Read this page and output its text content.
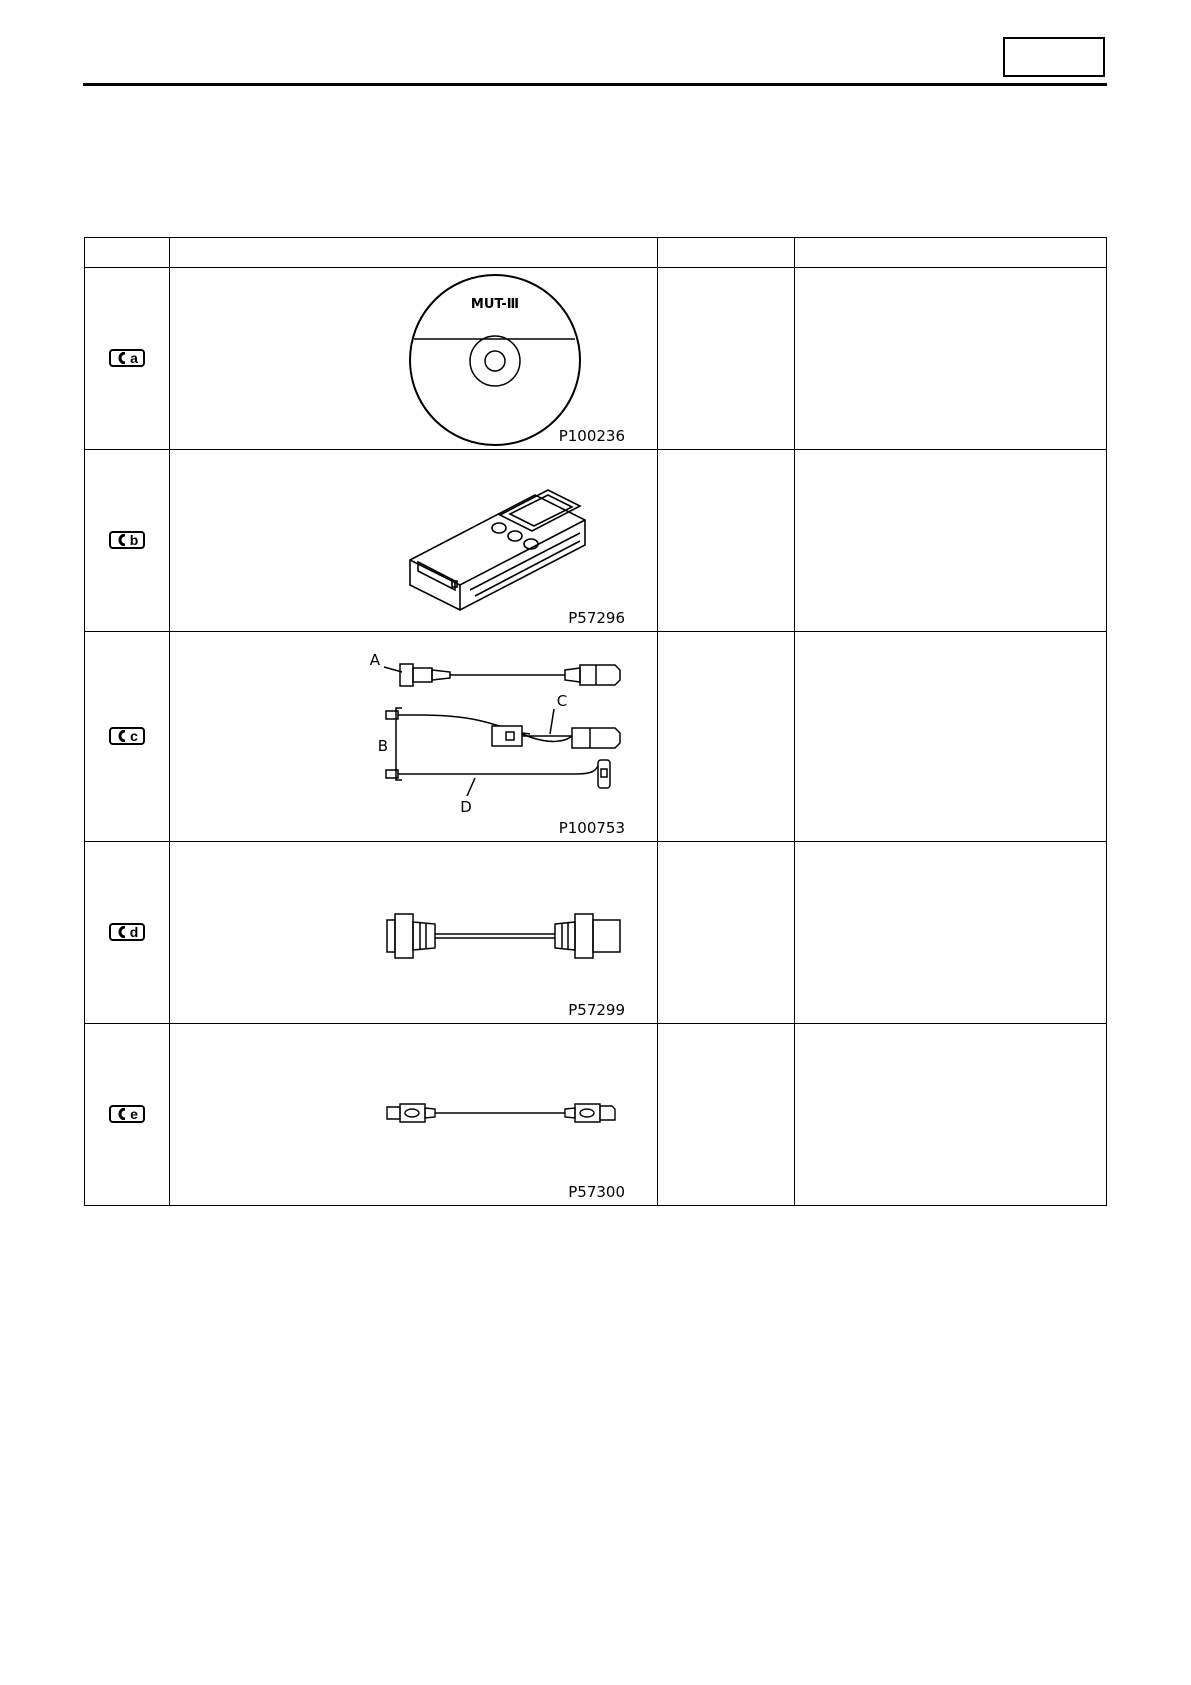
a	MUT-Ⅲ
P100236		

b	P57296		

c	A
B
C
D
P100753		

d	P57299		

e	P57300		
